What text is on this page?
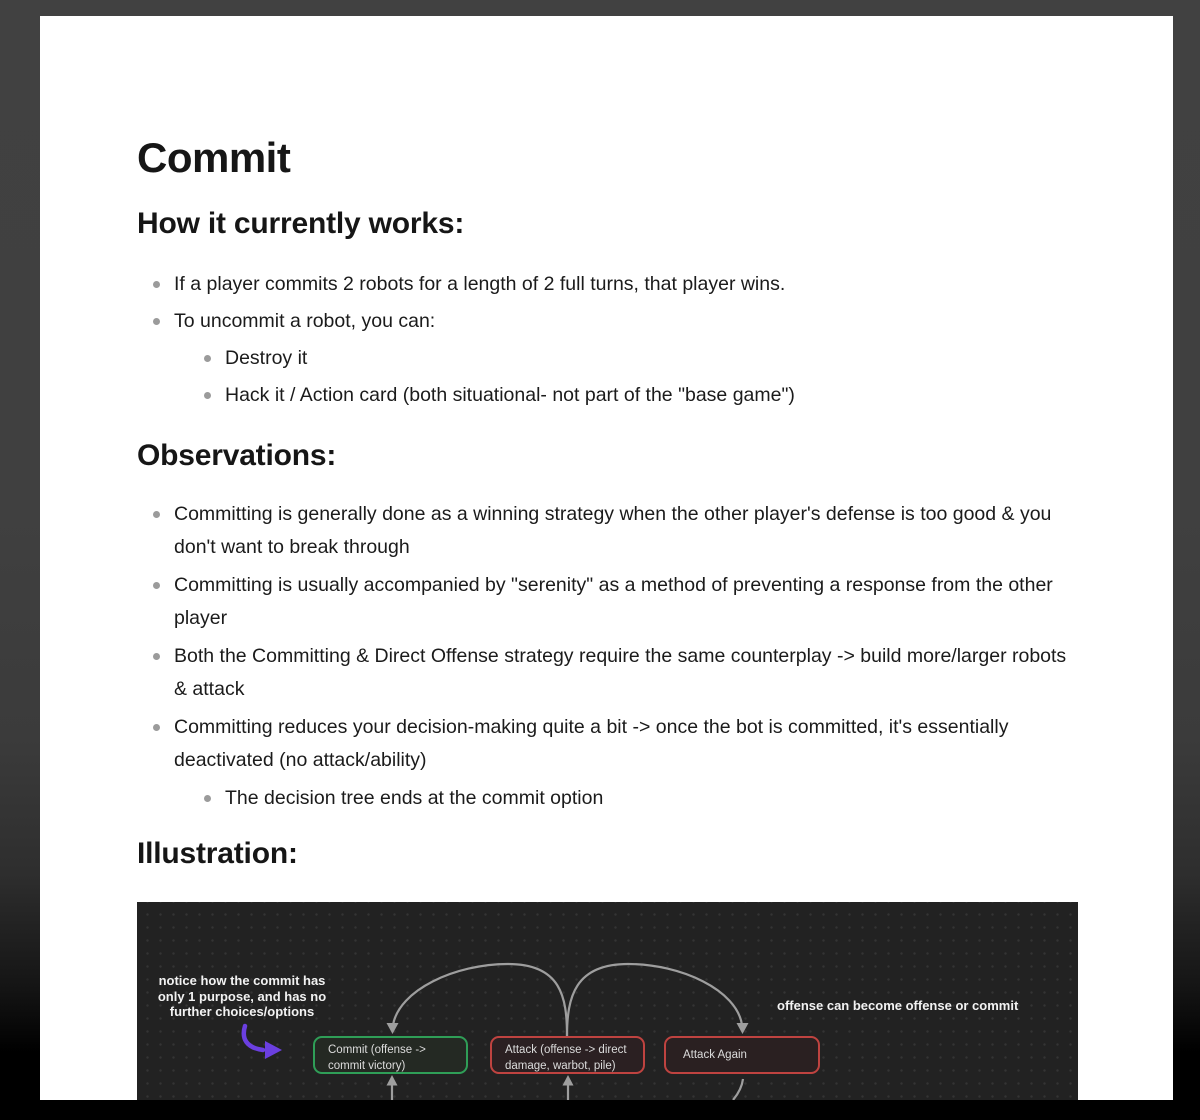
Commit
How it currently works:
If a player commits 2 robots for a length of 2 full turns, that player wins.
To uncommit a robot, you can:
Destroy it
Hack it / Action card (both situational- not part of the "base game")
Observations:
Committing is generally done as a winning strategy when the other player's defense is too good & you don't want to break through
Committing is usually accompanied by "serenity" as a method of preventing a response from the other player
Both the Committing & Direct Offense strategy require the same counterplay -> build more/larger robots & attack
Committing reduces your decision-making quite a bit -> once the bot is committed, it's essentially deactivated (no attack/ability)
The decision tree ends at the commit option
Illustration:
notice how the commit has
only 1 purpose, and has no
further choices/options	offense can become offense or commit
Commit (offense ->
commit victory)
Attack (offense -> direct
damage, warbot, pile)
Attack Again
